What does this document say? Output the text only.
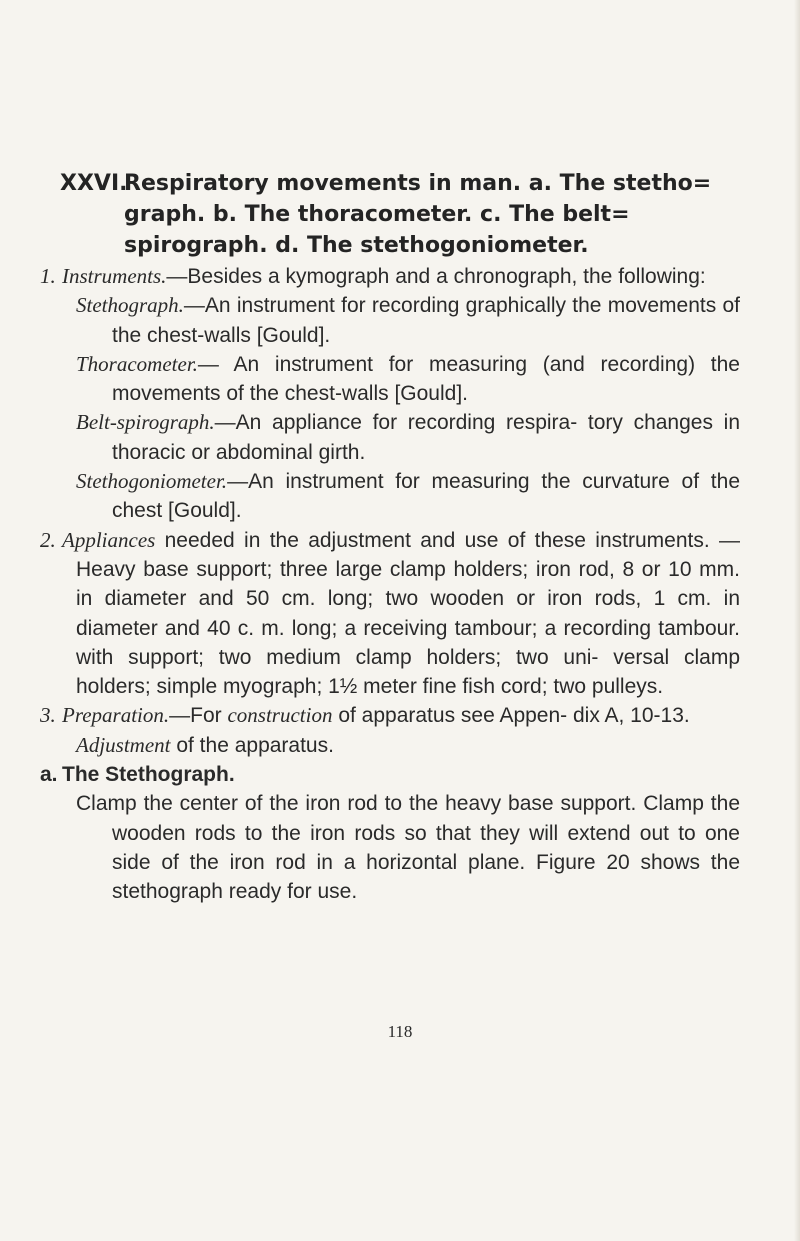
XXVI.Respiratory movements in man. a. The stetho=
graph. b. The thoracometer. c. The belt=
spirograph. d. The stethogoniometer.

1. Instruments.—Besides a kymograph and a chronograph, the following:

Stethograph.—An instrument for recording graphically the movements of the chest-walls [Gould].

Thoracometer.— An instrument for measuring (and recording) the movements of the chest-walls [Gould].

Belt-spirograph.—An appliance for recording respira- tory changes in thoracic or abdominal girth.

Stethogoniometer.—An instrument for measuring the curvature of the chest [Gould].

2. Appliances needed in the adjustment and use of these instruments. — Heavy base support; three large clamp holders; iron rod, 8 or 10 mm. in diameter and 50 cm. long; two wooden or iron rods, 1 cm. in diameter and 40 c. m. long; a receiving tambour; a recording tambour. with support; two medium clamp holders; two uni- versal clamp holders; simple myograph; 1½ meter fine fish cord; two pulleys.

3. Preparation.—For construction of apparatus see Appen- dix A, 10-13.

Adjustment of the apparatus.

a. The Stethograph.

Clamp the center of the iron rod to the heavy base support. Clamp the wooden rods to the iron rods so that they will extend out to one side of the iron rod in a horizontal plane. Figure 20 shows the stethograph ready for use.

118
